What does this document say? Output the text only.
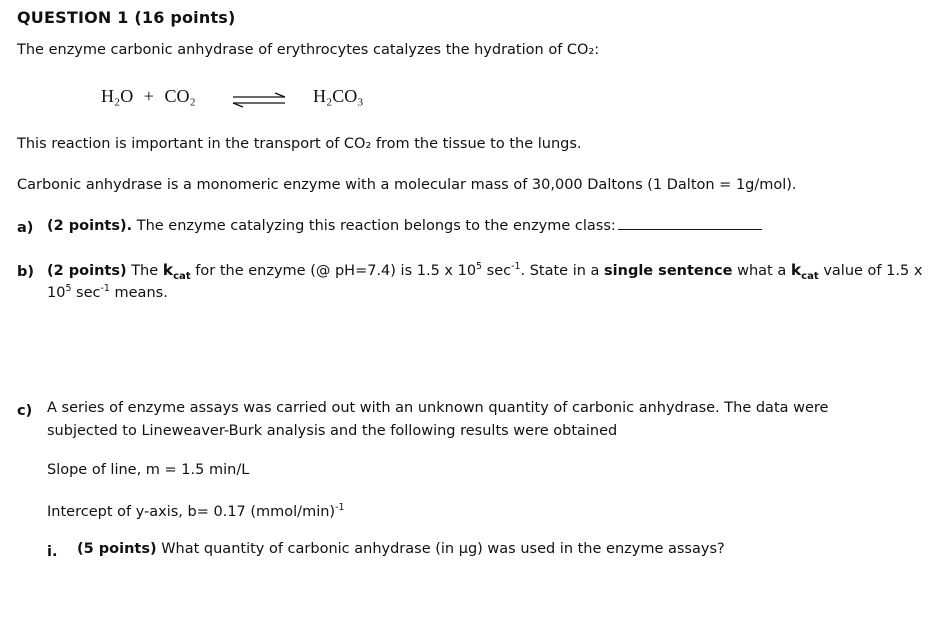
QUESTION 1 (16 points)
The enzyme carbonic anhydrase of erythrocytes catalyzes the hydration of CO₂:
H₂O + CO₂	H₂CO₃
This reaction is important in the transport of CO₂ from the tissue to the lungs.
Carbonic anhydrase is a monomeric enzyme with a molecular mass of 30,000 Daltons (1 Dalton = 1g/mol).
a) (2 points). The enzyme catalyzing this reaction belongs to the enzyme class:
b) (2 points) The $k_{cat}$ for the enzyme (@ pH=7.4) is 1.5 x $10^5$ $\sec^{-1}$. State in a single sentence what a $k_{cat}$ value of 1.5 x
$10^5$ $\sec^{-1}$ means.
c) A series of enzyme assays was carried out with an unknown quantity of carbonic anhydrase. The data were
subjected to Lineweaver-Burk analysis and the following results were obtained
Slope of line, m = 1.5 min/L
Intercept of y-axis, b= 0.17 (mmol/min)$^{-1}$
i. (5 points) What quantity of carbonic anhydrase (in μg) was used in the enzyme assays?
